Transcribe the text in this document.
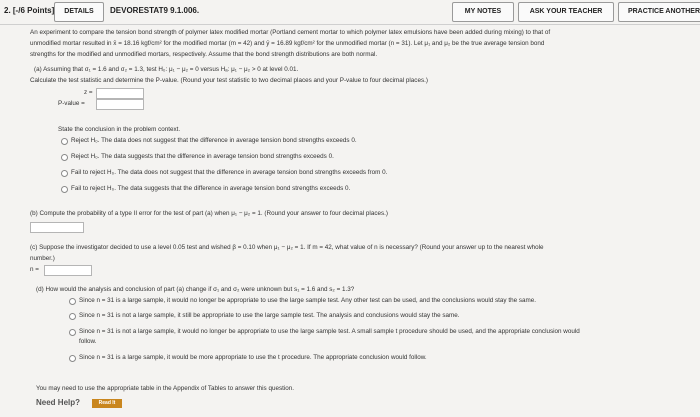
2. [-/6 Points]	DETAILS	DEVORESTAT9 9.1.006.	MY NOTES	ASK YOUR TEACHER	PRACTICE ANOTHER
An experiment to compare the tension bond strength of polymer latex modified mortar (Portland cement mortar to which polymer latex emulsions have been added during mixing) to that of
unmodified mortar resulted in x̄ = 18.16 kgf/cm² for the modified mortar (m = 42) and ȳ = 16.89 kgf/cm² for the unmodified mortar (n = 31). Let μ₁ and μ₂ be the true average tension bond
strengths for the modified and unmodified mortars, respectively. Assume that the bond strength distributions are both normal.
(a) Assuming that σ₁ = 1.6 and σ₂ = 1.3, test H₀: μ₁ − μ₂ = 0 versus Hₐ: μ₁ − μ₂ > 0 at level 0.01.
Calculate the test statistic and determine the P-value. (Round your test statistic to two decimal places and your P-value to four decimal places.)
z =
P-value =
State the conclusion in the problem context.
Reject H₀. The data does not suggest that the difference in average tension bond strengths exceeds 0.
Reject H₀. The data suggests that the difference in average tension bond strengths exceeds 0.
Fail to reject H₀. The data does not suggest that the difference in average tension bond strengths exceeds from 0.
Fail to reject H₀. The data suggests that the difference in average tension bond strengths exceeds 0.
(b) Compute the probability of a type II error for the test of part (a) when μ₁ − μ₂ = 1. (Round your answer to four decimal places.)
(c) Suppose the investigator decided to use a level 0.05 test and wished β = 0.10 when μ₁ − μ₂ = 1. If m = 42, what value of n is necessary? (Round your answer up to the nearest whole
number.)
n =
(d) How would the analysis and conclusion of part (a) change if σ₁ and σ₂ were unknown but s₁ = 1.6 and s₂ = 1.3?
Since n = 31 is a large sample, it would no longer be appropriate to use the large sample test. Any other test can be used, and the conclusions would stay the same.
Since n = 31 is not a large sample, it still be appropriate to use the large sample test. The analysis and conclusions would stay the same.
Since n = 31 is not a large sample, it would no longer be appropriate to use the large sample test. A small sample t procedure should be used, and the appropriate conclusion would
follow.
Since n = 31 is a large sample, it would be more appropriate to use the t procedure. The appropriate conclusion would follow.
You may need to use the appropriate table in the Appendix of Tables to answer this question.
Need Help?	Read It
